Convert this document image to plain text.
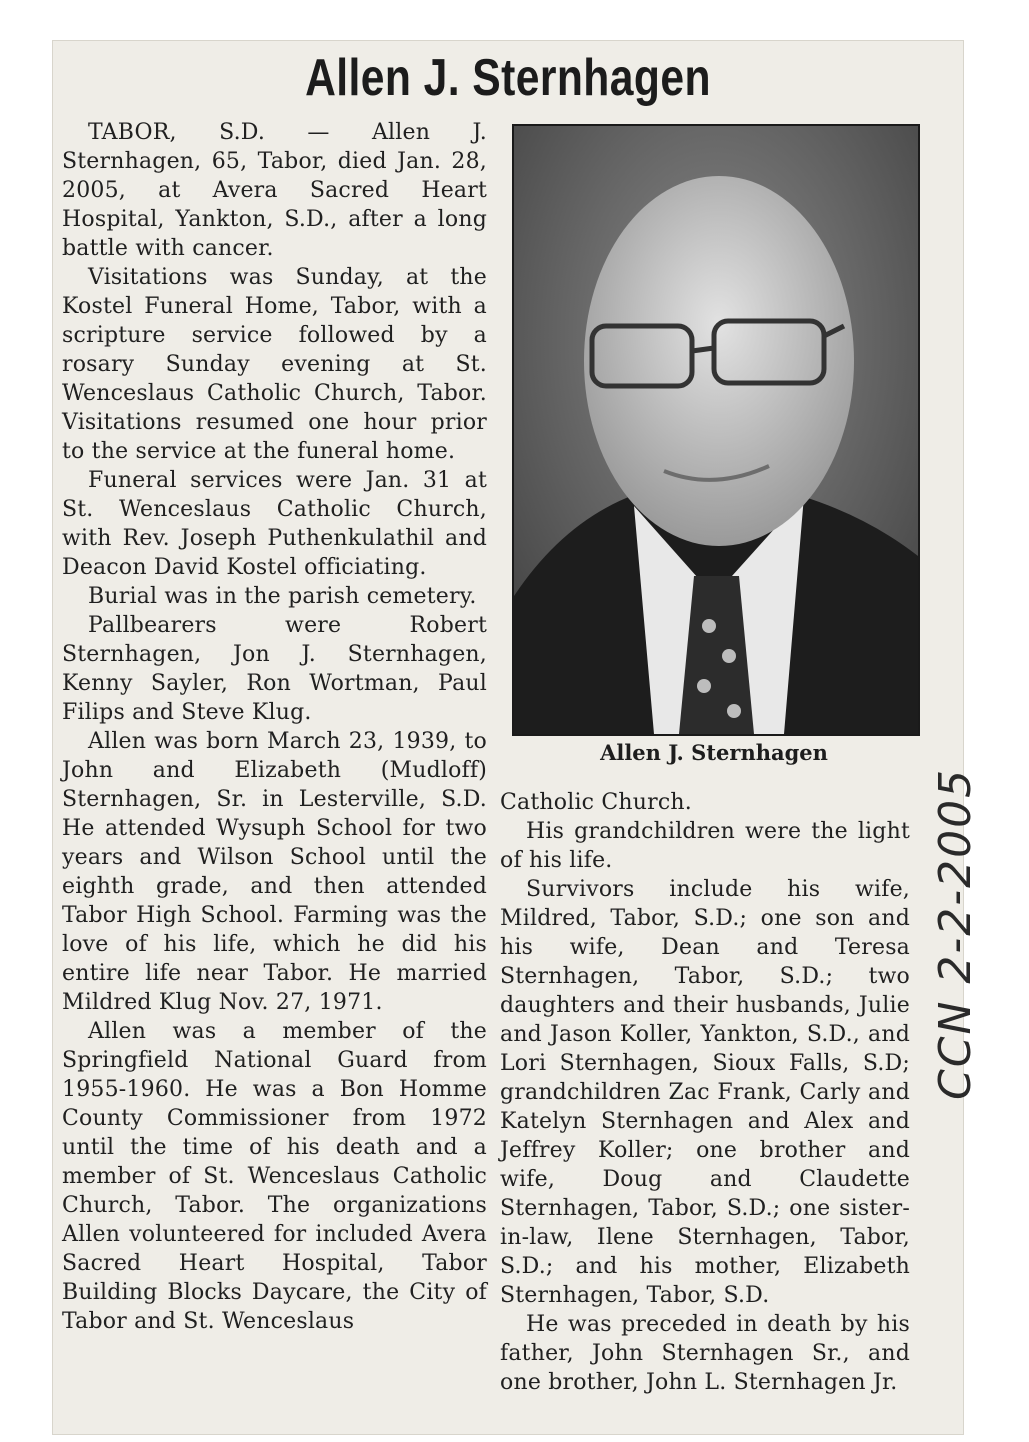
Allen J. Sternhagen

TABOR, S.D. — Allen J. Sternhagen, 65, Tabor, died Jan. 28, 2005, at Avera Sacred Heart Hospital, Yankton, S.D., after a long battle with cancer.

Visitations was Sunday, at the Kostel Funeral Home, Tabor, with a scripture service followed by a rosary Sunday evening at St. Wenceslaus Catholic Church, Tabor. Visitations resumed one hour prior to the service at the funeral home.

Funeral services were Jan. 31 at St. Wenceslaus Catholic Church, with Rev. Joseph Puthenkulathil and Deacon David Kostel officiating.

Burial was in the parish cemetery.

Pallbearers were Robert Sternhagen, Jon J. Sternhagen, Kenny Sayler, Ron Wortman, Paul Filips and Steve Klug.

Allen was born March 23, 1939, to John and Elizabeth (Mudloff) Sternhagen, Sr. in Lesterville, S.D. He attended Wysuph School for two years and Wilson School until the eighth grade, and then attended Tabor High School. Farming was the love of his life, which he did his entire life near Tabor. He married Mildred Klug Nov. 27, 1971.

Allen was a member of the Springfield National Guard from 1955-1960. He was a Bon Homme County Commissioner from 1972 until the time of his death and a member of St. Wenceslaus Catholic Church, Tabor. The organizations Allen volunteered for included Avera Sacred Heart Hospital, Tabor Building Blocks Daycare, the City of Tabor and St. Wenceslaus

Allen J. Sternhagen

Catholic Church.

His grandchildren were the light of his life.

Survivors include his wife, Mildred, Tabor, S.D.; one son and his wife, Dean and Teresa Sternhagen, Tabor, S.D.; two daughters and their husbands, Julie and Jason Koller, Yankton, S.D., and Lori Sternhagen, Sioux Falls, S.D; grandchildren Zac Frank, Carly and Katelyn Sternhagen and Alex and Jeffrey Koller; one brother and wife, Doug and Claudette Sternhagen, Tabor, S.D.; one sister-in-law, Ilene Sternhagen, Tabor, S.D.; and his mother, Elizabeth Sternhagen, Tabor, S.D.

He was preceded in death by his father, John Sternhagen Sr., and one brother, John L. Sternhagen Jr.

CCN 2-2-2005
